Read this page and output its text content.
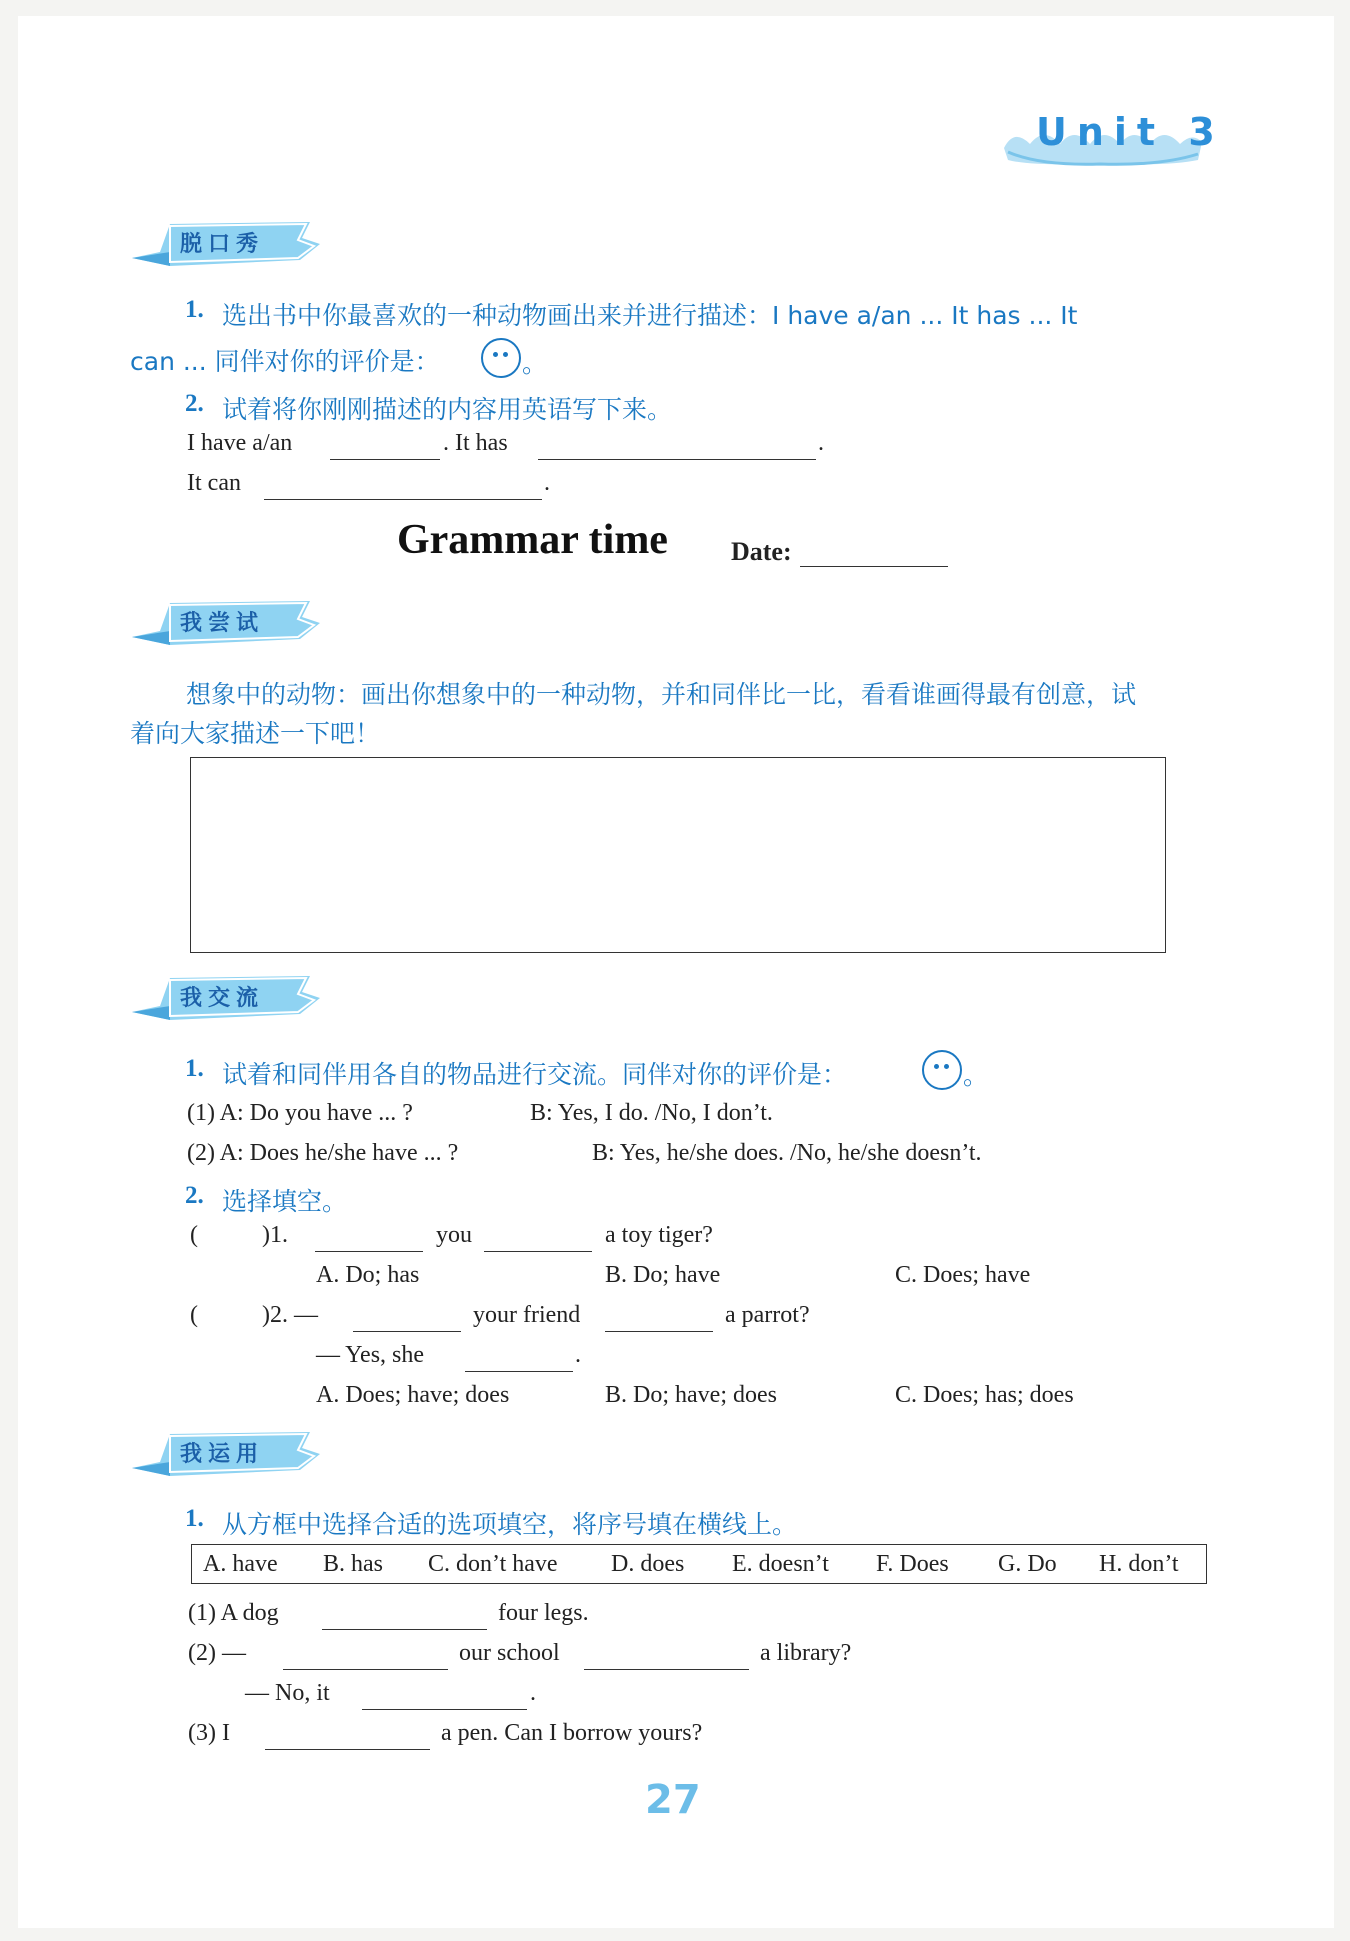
Unit 3
脱口秀
1. 选出书中你最喜欢的一种动物画出来并进行描述：I have a/an ... It has ... It
can ... 同伴对你的评价是：	。
2. 试着将你刚刚描述的内容用英语写下来。
I have a/an	. It has	.
It can	.
Grammar time Date:
我尝试
想象中的动物：画出你想象中的一种动物，并和同伴比一比，看看谁画得最有创意，试
着向大家描述一下吧！
我交流
1. 试着和同伴用各自的物品进行交流。同伴对你的评价是：	。
(1) A: Do you have ... ?	B: Yes, I do. /No, I don’t.
(2) A: Does he/she have ... ?	B: Yes, he/she does. /No, he/she doesn’t.
2. 选择填空。
(	)1.	you	a toy tiger?
A. Do; has	B. Do; have	C. Does; have
(	)2. —	your friend	a parrot?
— Yes, she	.
A. Does; have; does	B. Do; have; does	C. Does; has; does
我运用
1. 从方框中选择合适的选项填空，将序号填在横线上。
A. have B. has C. don’t have D. does E. doesn’t F. Does G. Do H. don’t
(1) A dog	four legs.
(2) —	our school	a library?
— No, it	.
(3) I	a pen. Can I borrow yours?
27
